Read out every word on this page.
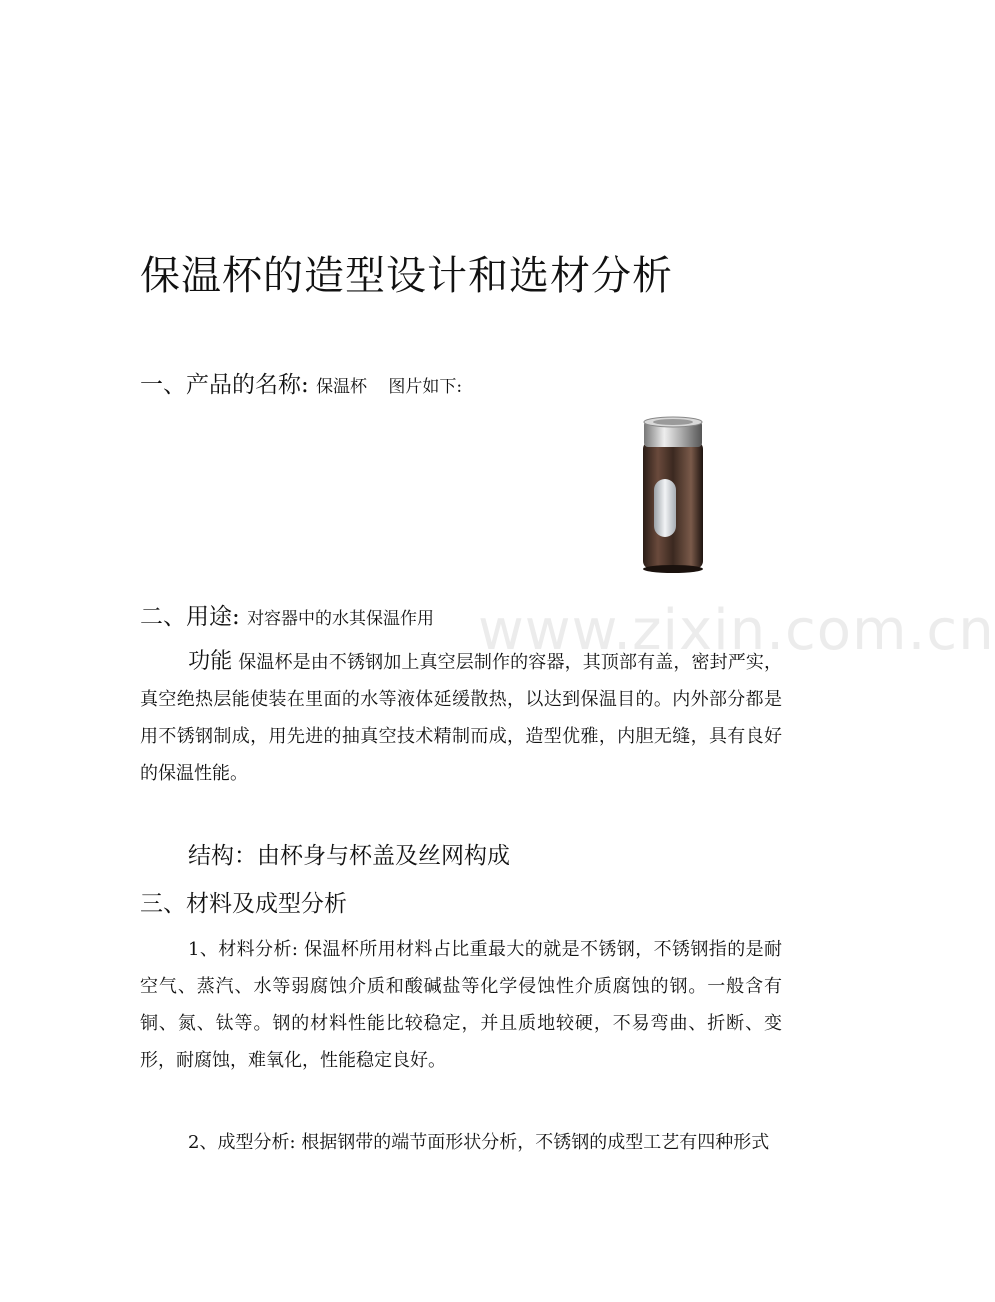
保温杯的造型设计和选材分析
一、产品的名称: 保温杯 图片如下:
二、用途: 对容器中的水其保温作用

功能 保温杯是由不锈钢加上真空层制作的容器，其顶部有盖，密封严实，真空绝热层能使装在里面的水等液体延缓散热，以达到保温目的。内外部分都是用不锈钢制成，用先进的抽真空技术精制而成，造型优雅，内胆无缝，具有良好的保温性能。

结构：由杯身与杯盖及丝网构成
三、材料及成型分析

1、材料分析: 保温杯所用材料占比重最大的就是不锈钢，不锈钢指的是耐空气、蒸汽、水等弱腐蚀介质和酸碱盐等化学侵蚀性介质腐蚀的钢。一般含有铜、氮、钛等。钢的材料性能比较稳定，并且质地较硬，不易弯曲、折断、变形，耐腐蚀，难氧化，性能稳定良好。

2、成型分析: 根据钢带的端节面形状分析，不锈钢的成型工艺有四种形式

www.zixin.com.cn
